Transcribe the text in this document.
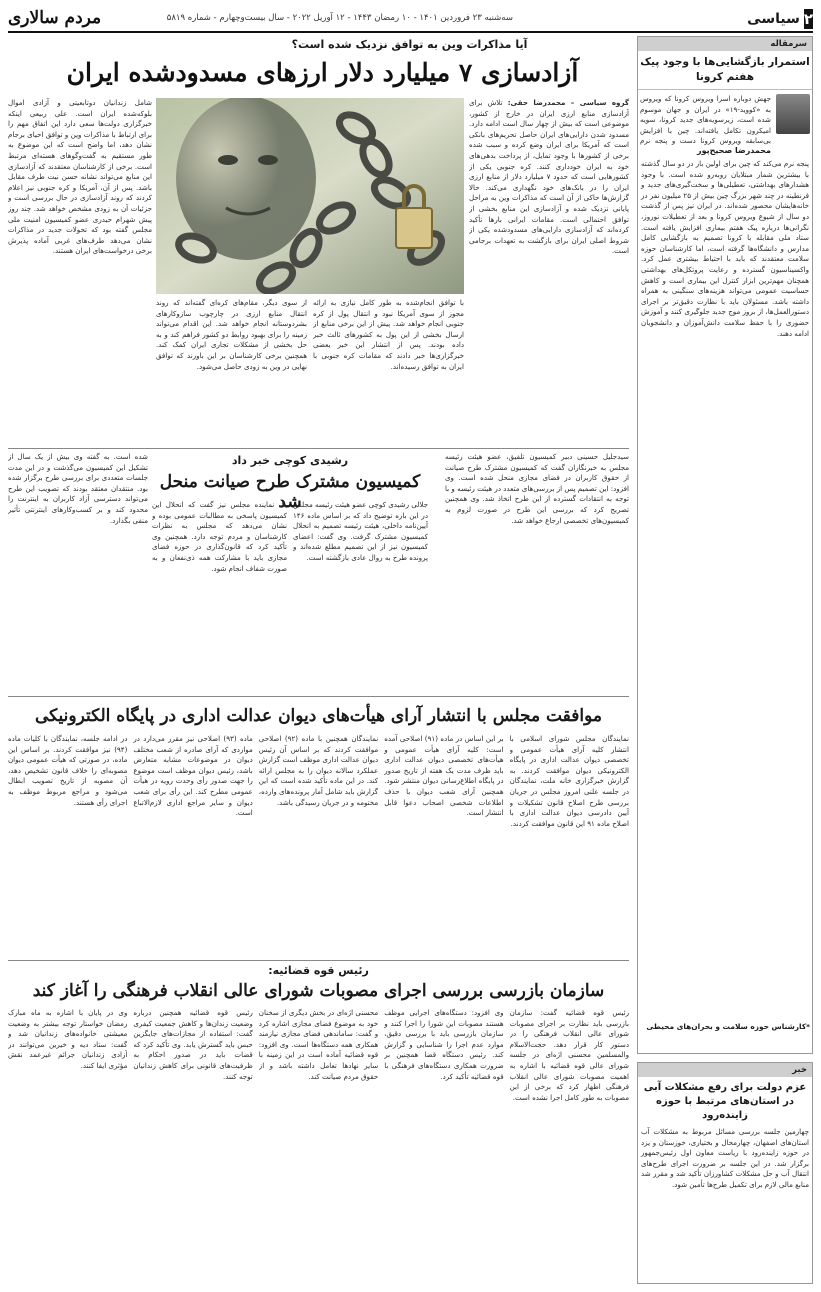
۲
سیاسی
سه‌شنبه ۲۳ فروردین ۱۴۰۱ - ۱۰ رمضان ۱۴۴۳ - ۱۲ آوریل ۲۰۲۲ - سال بیست‌وچهارم - شماره ۵۸۱۹
مردم سالاری
سرمقاله
استمرار بازگشایی‌ها با وجود پیک هفتم کرونا
جهش دوباره اسرا ویروس کرونا که ویروس به «کووید-۱۹» در ایران و جهان موسوم شده است، زیرسویه‌های جدید کرونا، سویه امیکرون تکامل یافته‌اند. چین با افزایش بی‌سابقه ویروس کرونا دست و پنجه نرم
محمدرضا صحیح‌پور
پنجه نرم می‌کند که چین برای اولین بار در دو سال گذشته با بیشترین شمار مبتلایان روبه‌رو شده است. با وجود هشدارهای بهداشتی، تعطیلی‌ها و سخت‌گیری‌های جدید و قرنطینه در چند شهر بزرگ چین بیش از ۲۵ میلیون نفر در خانه‌هایشان محصور شده‌اند. در ایران نیز پس از گذشت دو سال از شیوع ویروس کرونا و بعد از تعطیلات نوروز، نگرانی‌ها درباره پیک هفتم بیماری افزایش یافته است. ستاد ملی مقابله با کرونا تصمیم به بازگشایی کامل مدارس و دانشگاه‌ها گرفته است، اما کارشناسان حوزه سلامت معتقدند که باید با احتیاط بیشتری عمل کرد. واکسیناسیون گسترده و رعایت پروتکل‌های بهداشتی همچنان مهم‌ترین ابزار کنترل این بیماری است و کاهش حساسیت عمومی می‌تواند هزینه‌های سنگینی به همراه داشته باشد. مسئولان باید با نظارت دقیق‌تر بر اجرای دستورالعمل‌ها، از بروز موج جدید جلوگیری کنند و آموزش حضوری را با حفظ سلامت دانش‌آموزان و دانشجویان ادامه دهند.
*کارشناس حوزه سلامت و بحران‌های محیطی
خبر
عزم دولت برای رفع مشکلات آبی در استان‌های مرتبط با حوزه زاینده‌رود
چهارمین جلسه بررسی مسائل مربوط به مشکلات آب استان‌های اصفهان، چهارمحال و بختیاری، خوزستان و یزد در حوزه زاینده‌رود با ریاست معاون اول رئیس‌جمهور برگزار شد. در این جلسه بر ضرورت اجرای طرح‌های انتقال آب و حل مشکلات کشاورزان تأکید شد و مقرر شد منابع مالی لازم برای تکمیل طرح‌ها تأمین شود.
آیا مذاکرات وین به توافق نزدیک شده است؟
آزادسازی ۷ میلیارد دلار ارزهای مسدودشده ایران
گروه سیاسی – محمدرضا حقی: تلاش برای آزادسازی منابع ارزی ایران در خارج از کشور، موضوعی است که بیش از چهار سال است ادامه دارد. مسدود شدن دارایی‌های ایران حاصل تحریم‌های بانکی است که آمریکا برای ایران وضع کرده و سبب شده برخی از کشورها با وجود تمایل، از پرداخت بدهی‌های خود به ایران خودداری کنند. کره جنوبی یکی از کشورهایی است که حدود ۷ میلیارد دلار از منابع ارزی ایران را در بانک‌های خود نگهداری می‌کند. حالا گزارش‌ها حاکی از آن است که مذاکرات وین به مراحل پایانی نزدیک شده و آزادسازی این منابع بخشی از توافق احتمالی است. مقامات ایرانی بارها تأکید کرده‌اند که آزادسازی دارایی‌های مسدودشده یکی از شروط اصلی ایران برای بازگشت به تعهدات برجامی است.
شامل زندانیان دوتابعیتی و آزادی اموال بلوکه‌شده ایران است. علی ربیعی اینکه خبرگزاری دولت‌ها سعی دارد این اتفاق مهم را برای ارتباط با مذاکرات وین و توافق احیای برجام نشان دهد، اما واضح است که این موضوع به طور مستقیم به گفت‌وگوهای هسته‌ای مرتبط است. برخی از کارشناسان معتقدند که آزادسازی این منابع می‌تواند نشانه حسن نیت طرف مقابل باشد. پس از آن، آمریکا و کره جنوبی نیز اعلام کردند که روند آزادسازی در حال بررسی است و جزئیات آن به زودی مشخص خواهد شد. چند روز پیش شهرام حیدری عضو کمیسیون امنیت ملی مجلس گفته بود که تحولات جدید در مذاکرات نشان می‌دهد طرف‌های غربی آماده پذیرش برخی درخواست‌های ایران هستند.
با توافق انجام‌شده به طور کامل نیازی به ارائه مجوز از سوی آمریکا نبود و انتقال پول از کره جنوبی انجام خواهد شد. پیش از این برخی منابع از ارسال بخشی از این پول به کشورهای ثالث خبر داده بودند. پس از انتشار این خبر بعضی خبرگزاری‌ها خبر دادند که مقامات کره جنوبی با ایران به توافق رسیده‌اند.
از سوی دیگر، مقام‌های کره‌ای گفته‌اند که روند انتقال منابع ارزی در چارچوب سازوکارهای بشردوستانه انجام خواهد شد. این اقدام می‌تواند زمینه را برای بهبود روابط دو کشور فراهم کند و به حل بخشی از مشکلات تجاری ایران کمک کند. همچنین برخی کارشناسان بر این باورند که توافق نهایی در وین به زودی حاصل می‌شود.
سیدجلیل حسینی دبیر کمیسیون تلفیق، عضو هیئت رئیسه مجلس به خبرنگاران گفت که کمیسیون مشترک طرح صیانت از حقوق کاربران در فضای مجازی منحل شده است. وی افزود: این تصمیم پس از بررسی‌های متعدد در هیئت رئیسه و با توجه به انتقادات گسترده از این طرح اتخاذ شد. وی همچنین تصریح کرد که بررسی این طرح در صورت لزوم به کمیسیون‌های تخصصی ارجاع خواهد شد.
رشیدی کوچی خبر داد
کمیسیون مشترک طرح صیانت منحل شد
جلالی رشیدی کوچی عضو هیئت رئیسه مجلس در این باره توضیح داد که بر اساس ماده ۱۴۶ آیین‌نامه داخلی، هیئت رئیسه تصمیم به انحلال کمیسیون مشترک گرفت. وی گفت: اعضای کمیسیون نیز از این تصمیم مطلع شده‌اند و پرونده طرح به روال عادی بازگشته است.
یک نماینده مجلس نیز گفت که انحلال این کمیسیون پاسخی به مطالبات عمومی بوده و نشان می‌دهد که مجلس به نظرات کارشناسان و مردم توجه دارد. همچنین وی تأکید کرد که قانون‌گذاری در حوزه فضای مجازی باید با مشارکت همه ذی‌نفعان و به صورت شفاف انجام شود.
شده است. به گفته وی بیش از یک سال از تشکیل این کمیسیون می‌گذشت و در این مدت جلسات متعددی برای بررسی طرح برگزار شده بود. منتقدان معتقد بودند که تصویب این طرح می‌تواند دسترسی آزاد کاربران به اینترنت را محدود کند و بر کسب‌وکارهای اینترنتی تأثیر منفی بگذارد.
موافقت مجلس با انتشار آرای هیأت‌های دیوان عدالت اداری در پایگاه الکترونیکی
نمایندگان مجلس شورای اسلامی با انتشار کلیه آرای هیأت عمومی و تخصصی دیوان عدالت اداری در پایگاه الکترونیکی دیوان موافقت کردند. به گزارش خبرگزاری خانه ملت، نمایندگان در جلسه علنی امروز مجلس در جریان بررسی طرح اصلاح قانون تشکیلات و آیین دادرسی دیوان عدالت اداری با اصلاح ماده ۹۱ این قانون موافقت کردند.
بر این اساس در ماده (۹۱) اصلاحی آمده است: کلیه آرای هیأت عمومی و هیأت‌های تخصصی دیوان عدالت اداری باید ظرف مدت یک هفته از تاریخ صدور در پایگاه اطلاع‌رسانی دیوان منتشر شود. همچنین آرای شعب دیوان با حذف اطلاعات شخصی اصحاب دعوا قابل انتشار است.
نمایندگان همچنین با ماده (۹۲) اصلاحی موافقت کردند که بر اساس آن رئیس دیوان عدالت اداری موظف است گزارش عملکرد سالانه دیوان را به مجلس ارائه کند. در این ماده تأکید شده است که این گزارش باید شامل آمار پرونده‌های وارده، مختومه و در جریان رسیدگی باشد.
ماده (۹۳) اصلاحی نیز مقرر می‌دارد در مواردی که آرای صادره از شعب مختلف دیوان در موضوعات مشابه متعارض باشد، رئیس دیوان موظف است موضوع را جهت صدور رأی وحدت رویه در هیأت عمومی مطرح کند. این رأی برای شعب دیوان و سایر مراجع اداری لازم‌الاتباع است.
در ادامه جلسه، نمایندگان با کلیات ماده (۹۴) نیز موافقت کردند. بر اساس این ماده، در صورتی که هیأت عمومی دیوان مصوبه‌ای را خلاف قانون تشخیص دهد، آن مصوبه از تاریخ تصویب ابطال می‌شود و مراجع مربوط موظف به اجرای رأی هستند.
رئیس قوه قضائیه:
سازمان بازرسی بررسی اجرای مصوبات شورای عالی انقلاب فرهنگی را آغاز کند
رئیس قوه قضائیه گفت: سازمان بازرسی باید نظارت بر اجرای مصوبات شورای عالی انقلاب فرهنگی را در دستور کار قرار دهد. حجت‌الاسلام والمسلمین محسنی اژه‌ای در جلسه شورای عالی قوه قضائیه با اشاره به اهمیت مصوبات شورای عالی انقلاب فرهنگی اظهار کرد که برخی از این مصوبات به طور کامل اجرا نشده است.
وی افزود: دستگاه‌های اجرایی موظف هستند مصوبات این شورا را اجرا کنند و سازمان بازرسی باید با بررسی دقیق، موارد عدم اجرا را شناسایی و گزارش کند. رئیس دستگاه قضا همچنین بر ضرورت همکاری دستگاه‌های فرهنگی با قوه قضائیه تأکید کرد.
محسنی اژه‌ای در بخش دیگری از سخنان خود به موضوع فضای مجازی اشاره کرد و گفت: ساماندهی فضای مجازی نیازمند همکاری همه دستگاه‌ها است. وی افزود: قوه قضائیه آماده است در این زمینه با سایر نهادها تعامل داشته باشد و از حقوق مردم صیانت کند.
رئیس قوه قضائیه همچنین درباره وضعیت زندان‌ها و کاهش جمعیت کیفری گفت: استفاده از مجازات‌های جایگزین حبس باید گسترش یابد. وی تأکید کرد که قضات باید در صدور احکام به ظرفیت‌های قانونی برای کاهش زندانیان توجه کنند.
وی در پایان با اشاره به ماه مبارک رمضان خواستار توجه بیشتر به وضعیت معیشتی خانواده‌های زندانیان شد و گفت: ستاد دیه و خیرین می‌توانند در آزادی زندانیان جرائم غیرعمد نقش مؤثری ایفا کنند.
